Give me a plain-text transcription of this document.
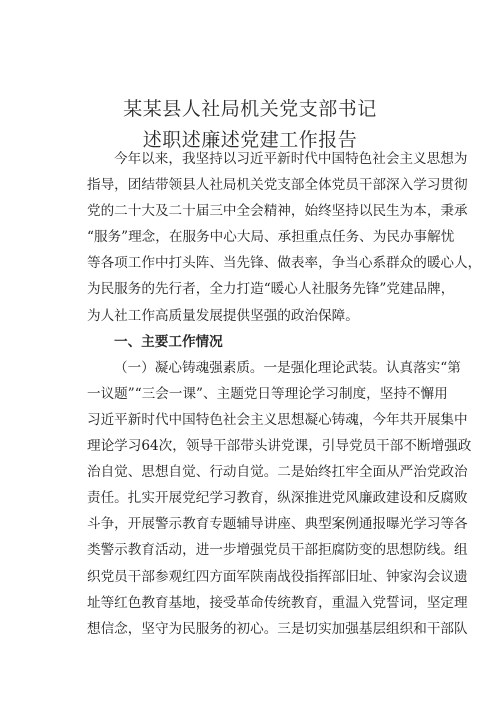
某某县人社局机关党支部书记
述职述廉述党建工作报告
今年以来，我坚持以习近平新时代中国特色社会主义思想为
指导，团结带领县人社局机关党支部全体党员干部深入学习贯彻
党的二十大及二十届三中全会精神，始终坚持以民生为本，秉承
“服务”理念，在服务中心大局、承担重点任务、为民办事解忧
等各项工作中打头阵、当先锋、做表率，争当心系群众的暖心人，
为民服务的先行者，全力打造“暖心人社服务先锋”党建品牌，
为人社工作高质量发展提供坚强的政治保障。
一、主要工作情况
（一）凝心铸魂强素质。一是强化理论武装。认真落实“第
一议题”“三会一课”、主题党日等理论学习制度，坚持不懈用
习近平新时代中国特色社会主义思想凝心铸魂，今年共开展集中
理论学习64次，领导干部带头讲党课，引导党员干部不断增强政
治自觉、思想自觉、行动自觉。二是始终扛牢全面从严治党政治
责任。扎实开展党纪学习教育，纵深推进党风廉政建设和反腐败
斗争，开展警示教育专题辅导讲座、典型案例通报曝光学习等各
类警示教育活动，进一步增强党员干部拒腐防变的思想防线。组
织党员干部参观红四方面军陕南战役指挥部旧址、钟家沟会议遗
址等红色教育基地，接受革命传统教育，重温入党誓词，坚定理
想信念，坚守为民服务的初心。三是切实加强基层组织和干部队
